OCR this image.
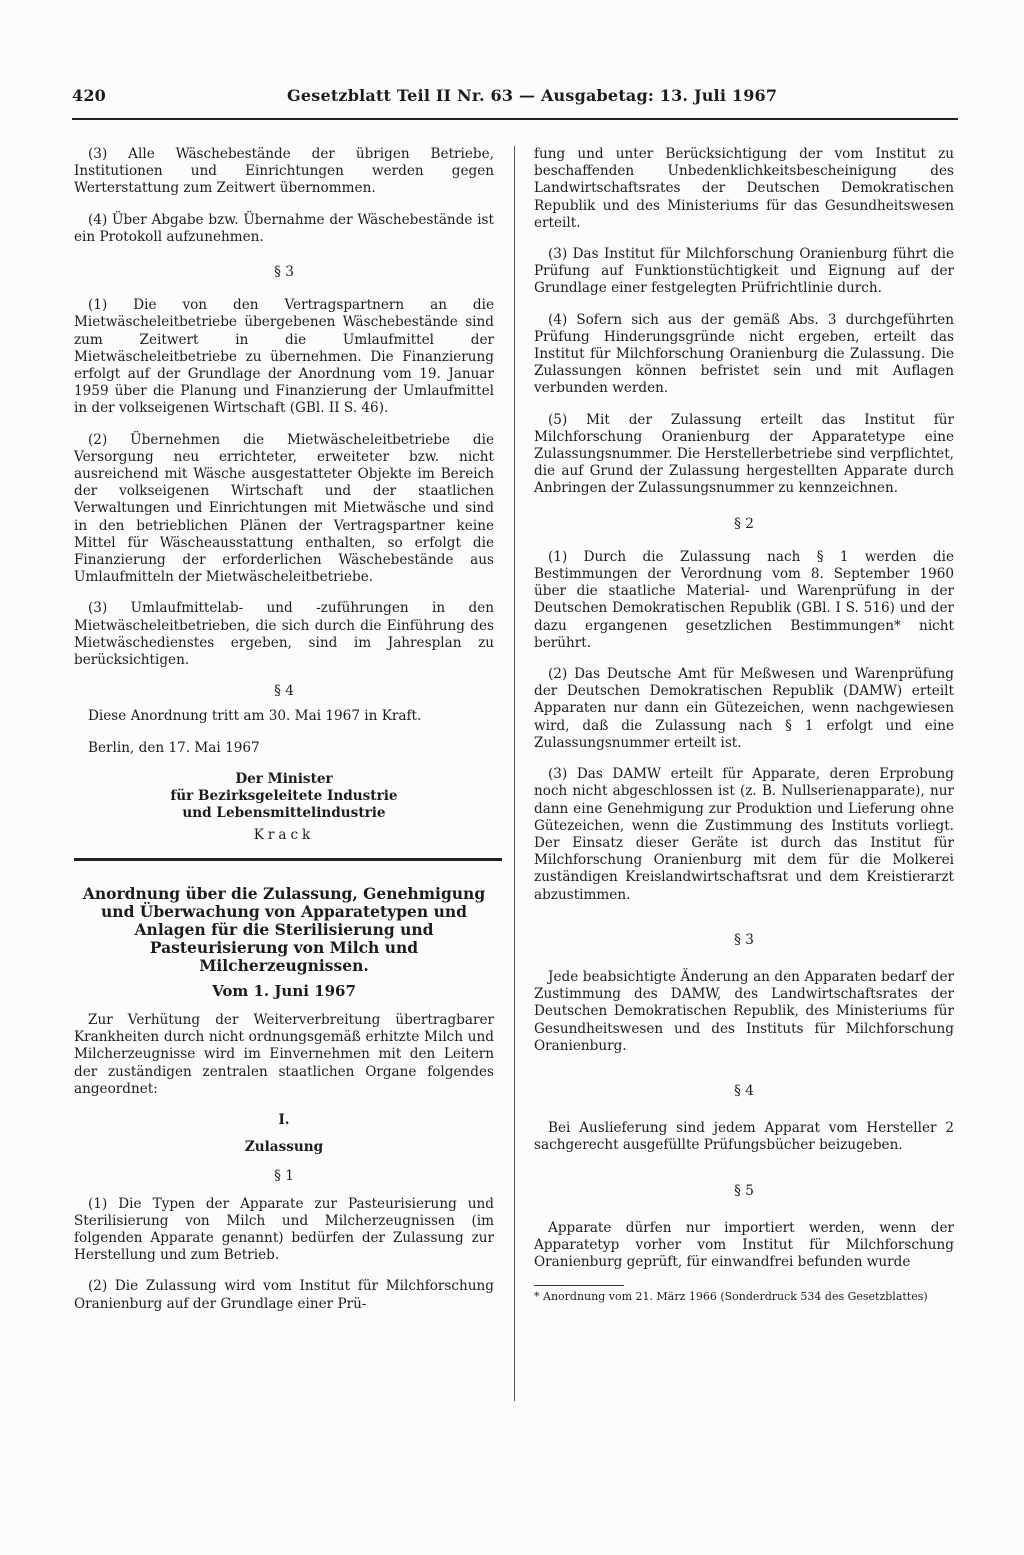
420	Gesetzblatt Teil II Nr. 63 — Ausgabetag: 13. Juli 1967

(3) Alle Wäschebestände der übrigen Betriebe, Institutionen und Einrichtungen werden gegen Werterstattung zum Zeitwert übernommen.

(4) Über Abgabe bzw. Übernahme der Wäschebestände ist ein Protokoll aufzunehmen.

§ 3

(1) Die von den Vertragspartnern an die Mietwäscheleitbetriebe übergebenen Wäschebestände sind zum Zeitwert in die Umlaufmittel der Mietwäscheleitbetriebe zu übernehmen. Die Finanzierung erfolgt auf der Grundlage der Anordnung vom 19. Januar 1959 über die Planung und Finanzierung der Umlaufmittel in der volkseigenen Wirtschaft (GBl. II S. 46).

(2) Übernehmen die Mietwäscheleitbetriebe die Versorgung neu errichteter, erweiteter bzw. nicht ausreichend mit Wäsche ausgestatteter Objekte im Bereich der volkseigenen Wirtschaft und der staatlichen Verwaltungen und Einrichtungen mit Mietwäsche und sind in den betrieblichen Plänen der Vertragspartner keine Mittel für Wäscheausstattung enthalten, so erfolgt die Finanzierung der erforderlichen Wäschebestände aus Umlaufmitteln der Mietwäscheleitbetriebe.

(3) Umlaufmittelab- und -zuführungen in den Mietwäscheleitbetrieben, die sich durch die Einführung des Mietwäschedienstes ergeben, sind im Jahresplan zu berücksichtigen.

§ 4

Diese Anordnung tritt am 30. Mai 1967 in Kraft.

Berlin, den 17. Mai 1967

Der Minister
für Bezirksgeleitete Industrie
und Lebensmittelindustrie
Krack
Anordnung über die Zulassung, Genehmigung und Überwachung von Apparatetypen und Anlagen für die Sterilisierung und Pasteurisierung von Milch und Milcherzeugnissen.
Vom 1. Juni 1967

Zur Verhütung der Weiterverbreitung übertragbarer Krankheiten durch nicht ordnungsgemäß erhitzte Milch und Milcherzeugnisse wird im Einvernehmen mit den Leitern der zuständigen zentralen staatlichen Organe folgendes angeordnet:

I.
Zulassung
§ 1

(1) Die Typen der Apparate zur Pasteurisierung und Sterilisierung von Milch und Milcherzeugnissen (im folgenden Apparate genannt) bedürfen der Zulassung zur Herstellung und zum Betrieb.

(2) Die Zulassung wird vom Institut für Milchforschung Oranienburg auf der Grundlage einer Prü-

fung und unter Berücksichtigung der vom Institut zu beschaffenden Unbedenklichkeitsbescheinigung des Landwirtschaftsrates der Deutschen Demokratischen Republik und des Ministeriums für das Gesundheitswesen erteilt.

(3) Das Institut für Milchforschung Oranienburg führt die Prüfung auf Funktionstüchtigkeit und Eignung auf der Grundlage einer festgelegten Prüfrichtlinie durch.

(4) Sofern sich aus der gemäß Abs. 3 durchgeführten Prüfung Hinderungsgründe nicht ergeben, erteilt das Institut für Milchforschung Oranienburg die Zulassung. Die Zulassungen können befristet sein und mit Auflagen verbunden werden.

(5) Mit der Zulassung erteilt das Institut für Milchforschung Oranienburg der Apparatetype eine Zulassungsnummer. Die Herstellerbetriebe sind verpflichtet, die auf Grund der Zulassung hergestellten Apparate durch Anbringen der Zulassungsnummer zu kennzeichnen.

§ 2

(1) Durch die Zulassung nach § 1 werden die Bestimmungen der Verordnung vom 8. September 1960 über die staatliche Material- und Warenprüfung in der Deutschen Demokratischen Republik (GBl. I S. 516) und der dazu ergangenen gesetzlichen Bestimmungen* nicht berührt.

(2) Das Deutsche Amt für Meßwesen und Warenprüfung der Deutschen Demokratischen Republik (DAMW) erteilt Apparaten nur dann ein Gütezeichen, wenn nachgewiesen wird, daß die Zulassung nach § 1 erfolgt und eine Zulassungsnummer erteilt ist.

(3) Das DAMW erteilt für Apparate, deren Erprobung noch nicht abgeschlossen ist (z. B. Nullserienapparate), nur dann eine Genehmigung zur Produktion und Lieferung ohne Gütezeichen, wenn die Zustimmung des Instituts vorliegt. Der Einsatz dieser Geräte ist durch das Institut für Milchforschung Oranienburg mit dem für die Molkerei zuständigen Kreislandwirtschaftsrat und dem Kreistierarzt abzustimmen.

§ 3

Jede beabsichtigte Änderung an den Apparaten bedarf der Zustimmung des DAMW, des Landwirtschaftsrates der Deutschen Demokratischen Republik, des Ministeriums für Gesundheitswesen und des Instituts für Milchforschung Oranienburg.

§ 4

Bei Auslieferung sind jedem Apparat vom Hersteller 2 sachgerecht ausgefüllte Prüfungsbücher beizugeben.

§ 5

Apparate dürfen nur importiert werden, wenn der Apparatetyp vorher vom Institut für Milchforschung Oranienburg geprüft, für einwandfrei befunden wurde

* Anordnung vom 21. März 1966 (Sonderdruck 534 des Gesetzblattes)
